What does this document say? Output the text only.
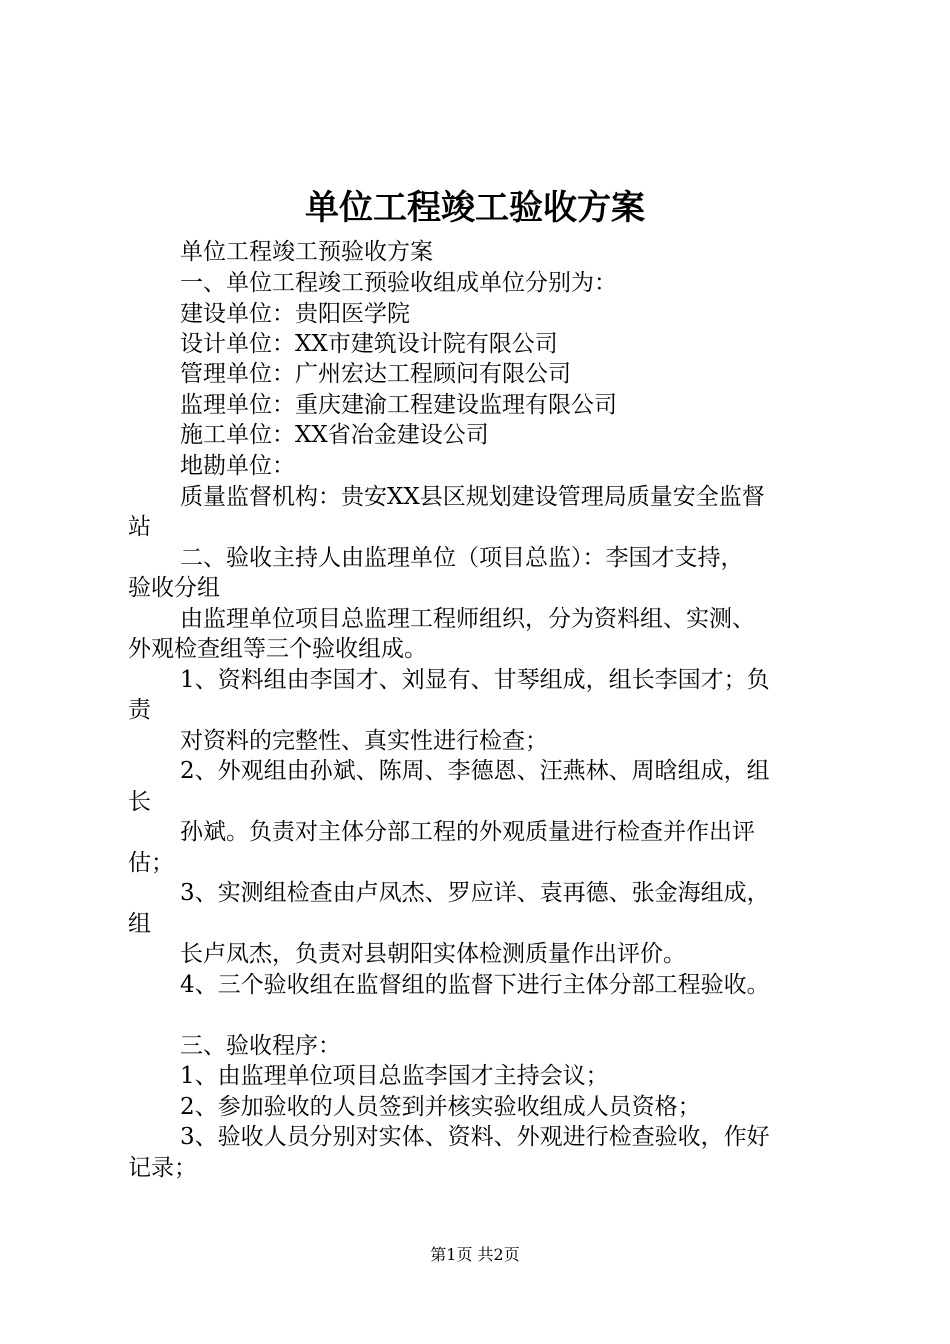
单位工程竣工验收方案

单位工程竣工预验收方案

一、单位工程竣工预验收组成单位分别为：

建设单位：贵阳医学院

设计单位：XX市建筑设计院有限公司

管理单位：广州宏达工程顾问有限公司

监理单位：重庆建渝工程建设监理有限公司

施工单位：XX省冶金建设公司

地勘单位：

质量监督机构：贵安XX县区规划建设管理局质量安全监督

站

二、验收主持人由监理单位（项目总监）：李国才支持，

验收分组

由监理单位项目总监理工程师组织，分为资料组、实测、

外观检查组等三个验收组成。

1、资料组由李国才、刘显有、甘琴组成，组长李国才；负

责

对资料的完整性、真实性进行检查；

2、外观组由孙斌、陈周、李德恩、汪燕林、周晗组成，组

长

孙斌。负责对主体分部工程的外观质量进行检查并作出评

估；

3、实测组检查由卢凤杰、罗应详、袁再德、张金海组成，

组

长卢凤杰，负责对县朝阳实体检测质量作出评价。

4、三个验收组在监督组的监督下进行主体分部工程验收。

三、验收程序：

1、由监理单位项目总监李国才主持会议；

2、参加验收的人员签到并核实验收组成人员资格；

3、验收人员分别对实体、资料、外观进行检查验收，作好

记录；

第1页 共2页
